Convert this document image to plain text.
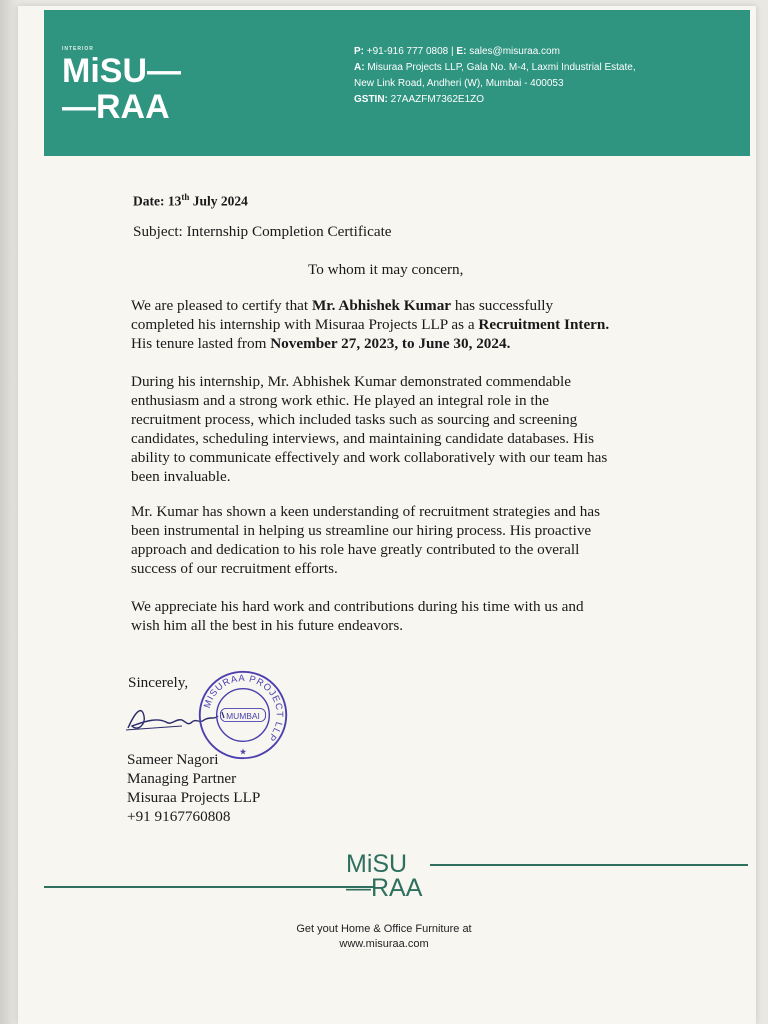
INTERIOR
MiSU—
—RAA
P: +91-916 777 0808 | E: sales@misuraa.com
A: Misuraa Projects LLP, Gala No. M-4, Laxmi Industrial Estate,
New Link Road, Andheri (W), Mumbai - 400053
GSTIN: 27AAZFM7362E1ZO
Date: 13th July 2024
Subject: Internship Completion Certificate
To whom it may concern,
We are pleased to certify that Mr. Abhishek Kumar has successfully
completed his internship with Misuraa Projects LLP as a Recruitment Intern.
His tenure lasted from November 27, 2023, to June 30, 2024.
During his internship, Mr. Abhishek Kumar demonstrated commendable
enthusiasm and a strong work ethic. He played an integral role in the
recruitment process, which included tasks such as sourcing and screening
candidates, scheduling interviews, and maintaining candidate databases. His
ability to communicate effectively and work collaboratively with our team has
been invaluable.
Mr. Kumar has shown a keen understanding of recruitment strategies and has
been instrumental in helping us streamline our hiring process. His proactive
approach and dedication to his role have greatly contributed to the overall
success of our recruitment efforts.
We appreciate his hard work and contributions during his time with us and
wish him all the best in his future endeavors.
Sincerely,
MISURAA PROJECT LLP
MUMBAI
★
Sameer Nagori
Managing Partner
Misuraa Projects LLP
+91 9167760808
MiSU
—RAA
Get yout Home & Office Furniture at
www.misuraa.com
